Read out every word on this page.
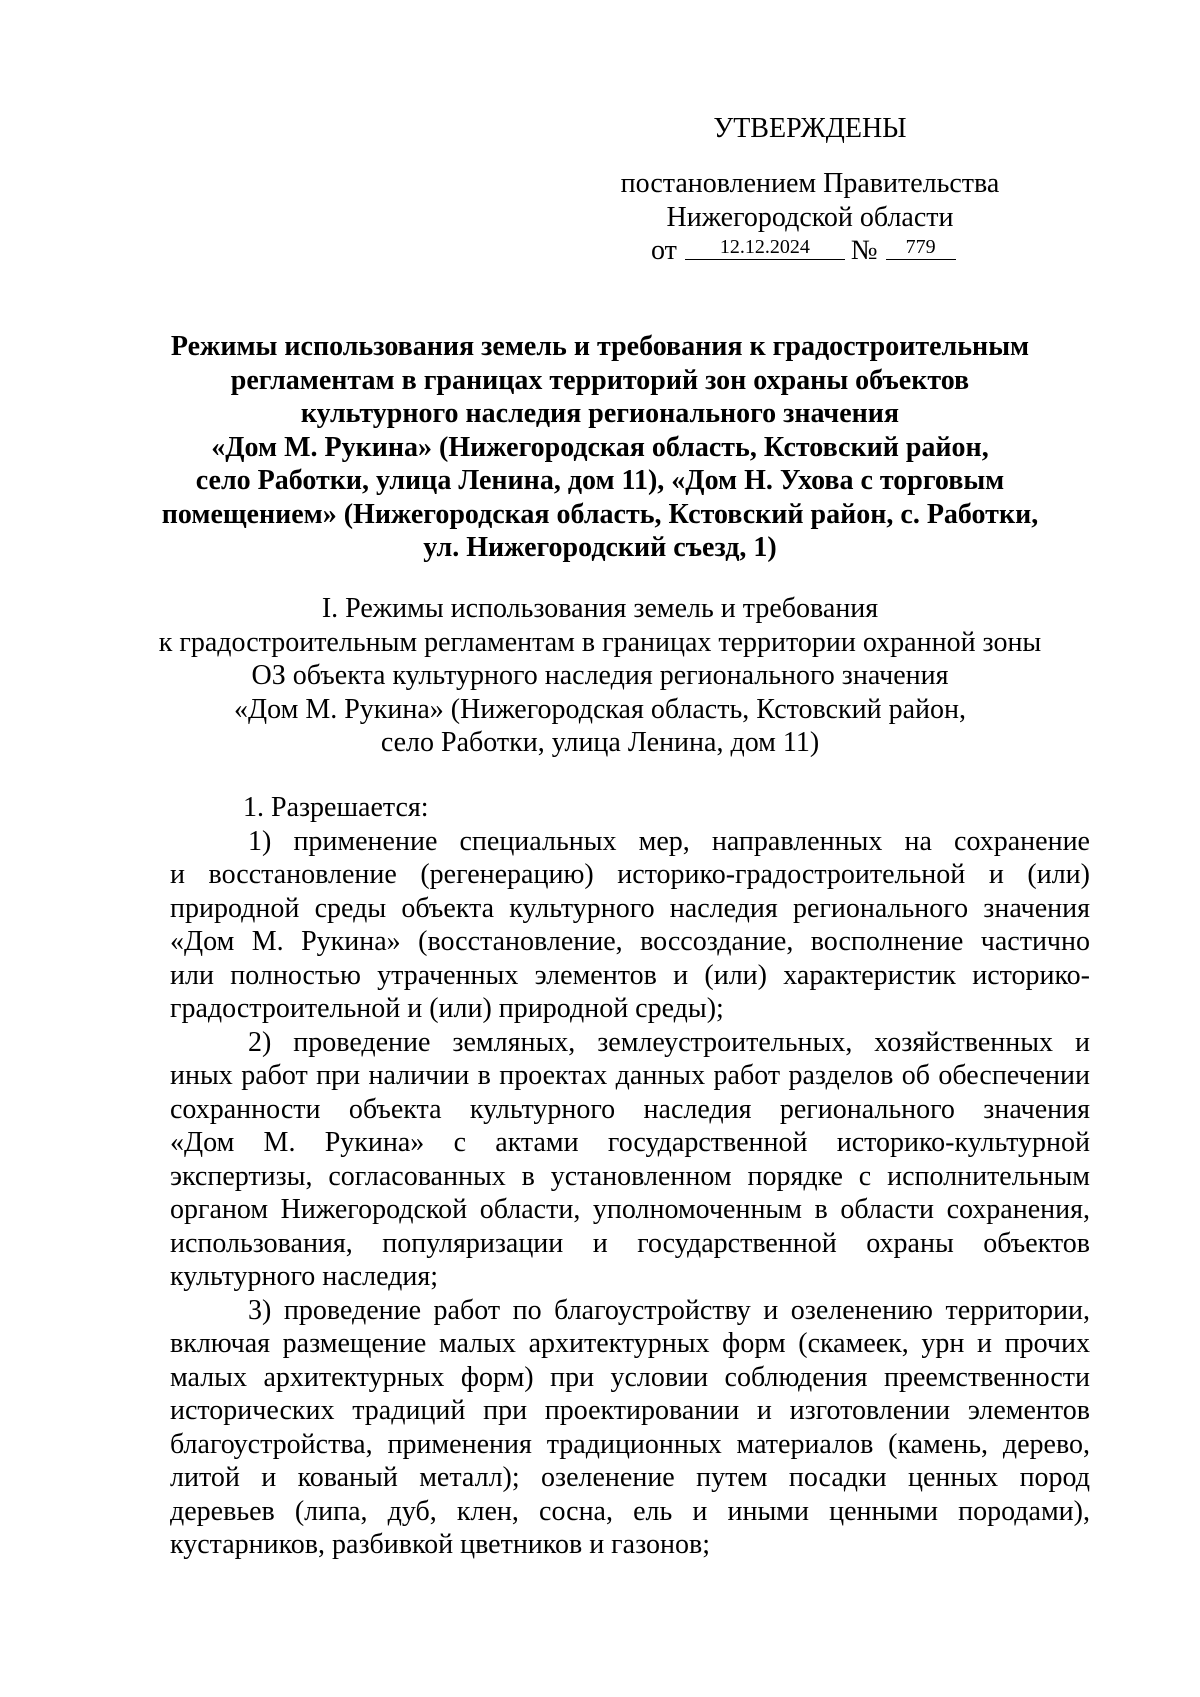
УТВЕРЖДЕНЫ
постановлением Правительства
Нижегородской области
от 12.12.2024 № 779
Режимы использования земель и требования к градостроительным
регламентам в границах территорий зон охраны объектов
культурного наследия регионального значения
«Дом М. Рукина» (Нижегородская область, Кстовский район,
село Работки, улица Ленина, дом 11), «Дом Н. Ухова с торговым
помещением» (Нижегородская область, Кстовский район, с. Работки,
ул. Нижегородский съезд, 1)
I. Режимы использования земель и требования
к градостроительным регламентам в границах территории охранной зоны
ОЗ объекта культурного наследия регионального значения
«Дом М. Рукина» (Нижегородская область, Кстовский район,
село Работки, улица Ленина, дом 11)
1. Разрешается:
1) применение специальных мер, направленных на сохранение
и восстановление (регенерацию) историко-градостроительной и (или)
природной среды объекта культурного наследия регионального значения
«Дом М. Рукина» (восстановление, воссоздание, восполнение частично
или полностью утраченных элементов и (или) характеристик историко-
градостроительной и (или) природной среды);
2) проведение земляных, землеустроительных, хозяйственных и
иных работ при наличии в проектах данных работ разделов об обеспечении
сохранности объекта культурного наследия регионального значения
«Дом М. Рукина» с актами государственной историко-культурной
экспертизы, согласованных в установленном порядке с исполнительным
органом Нижегородской области, уполномоченным в области сохранения,
использования, популяризации и государственной охраны объектов
культурного наследия;
3) проведение работ по благоустройству и озеленению территории,
включая размещение малых архитектурных форм (скамеек, урн и прочих
малых архитектурных форм) при условии соблюдения преемственности
исторических традиций при проектировании и изготовлении элементов
благоустройства, применения традиционных материалов (камень, дерево,
литой и кованый металл); озеленение путем посадки ценных пород
деревьев (липа, дуб, клен, сосна, ель и иными ценными породами),
кустарников, разбивкой цветников и газонов;
